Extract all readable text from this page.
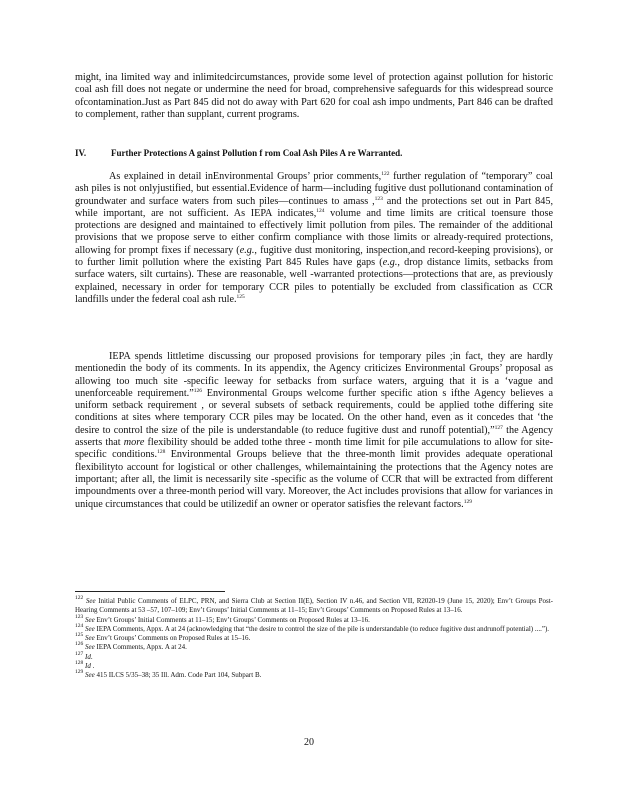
might, ina limited way and inlimitedcircumstances, provide some level of protection against pollution for historic coal ash fill does not negate or undermine the need for broad, comprehensive safeguards for this widespread source ofcontamination.Just as Part 845 did not do away with Part 620 for coal ash impo undments, Part 846 can be drafted to complement, rather than supplant, current programs.

IV.	Further Protections A gainst Pollution f rom Coal Ash Piles A re Warranted.

As explained in detail inEnvironmental Groups’ prior comments,$^{122}$ further regulation of “temporary” coal ash piles is not onlyjustified, but essential.Evidence of harm—including fugitive dust pollutionand contamination of groundwater and surface waters from such piles—continues to amass ,$^{123}$ and the protections set out in Part 845, while important, are not sufficient. As IEPA indicates,$^{124}$ volume and time limits are critical toensure those protections are designed and maintained to effectively limit pollution from piles. The remainder of the additional provisions that we propose serve to either confirm compliance with those limits or already-required protections, allowing for prompt fixes if necessary (e.g., fugitive dust monitoring, inspection,and record-keeping provisions), or to further limit pollution where the existing Part 845 Rules have gaps (e.g., drop distance limits, setbacks from surface waters, silt curtains). These are reasonable, well -warranted protections—protections that are, as previously explained, necessary in order for temporary CCR piles to potentially be excluded from classification as CCR landfills under the federal coal ash rule.$^{125}$

IEPA spends littletime discussing our proposed provisions for temporary piles ;in fact, they are hardly mentionedin the body of its comments. In its appendix, the Agency criticizes Environmental Groups’ proposal as allowing too much site -specific leeway for setbacks from surface waters, arguing that it is a ‘vague and unenforceable requirement.”$^{126}$ Environmental Groups welcome further specific ation s ifthe Agency believes a uniform setback requirement , or several subsets of setback requirements, could be applied tothe differing site conditions at sites where temporary CCR piles may be located. On the other hand, even as it concedes that ‘the desire to control the size of the pile is understandable (to reduce fugitive dust and runoff potential),”$^{127}$ the Agency asserts that more flexibility should be added tothe three - month time limit for pile accumulations to allow for site-specific conditions.$^{128}$ Environmental Groups believe that the three-month limit provides adequate operational flexibilityto account for logistical or other challenges, whilemaintaining the protections that the Agency notes are important; after all, the limit is necessarily site -specific as the volume of CCR that will be extracted from different impoundments over a three-month period will vary. Moreover, the Act includes provisions that allow for variances in unique circumstances that could be utilizedif an owner or operator satisfies the relevant factors.$^{129}$

$^{122}$ See Initial Public Comments of ELPC, PRN, and Sierra Club at Section II(E), Section IV n.46, and Section VII, R2020-19 (June 15, 2020); Env’t Groups Post- Hearing Comments at 53 –57, 107–109; Env’t Groups’ Initial Comments at 11–15; Env’t Groups’ Comments on Proposed Rules at 13–16.

$^{123}$ See Env’t Groups’ Initial Comments at 11–15; Env’t Groups’ Comments on Proposed Rules at 13–16.

$^{124}$ See IEPA Comments, Appx. A at 24 (acknowledging that “the desire to control the size of the pile is understandable (to reduce fugitive dust andrunoff potential) ....”).

$^{125}$ See Env’t Groups’ Comments on Proposed Rules at 15–16.

$^{126}$ See IEPA Comments, Appx. A at 24.

$^{127}$ Id.

$^{128}$ Id .

$^{129}$ See 415 ILCS 5/35–38; 35 Ill. Adm. Code Part 104, Subpart B.

20
